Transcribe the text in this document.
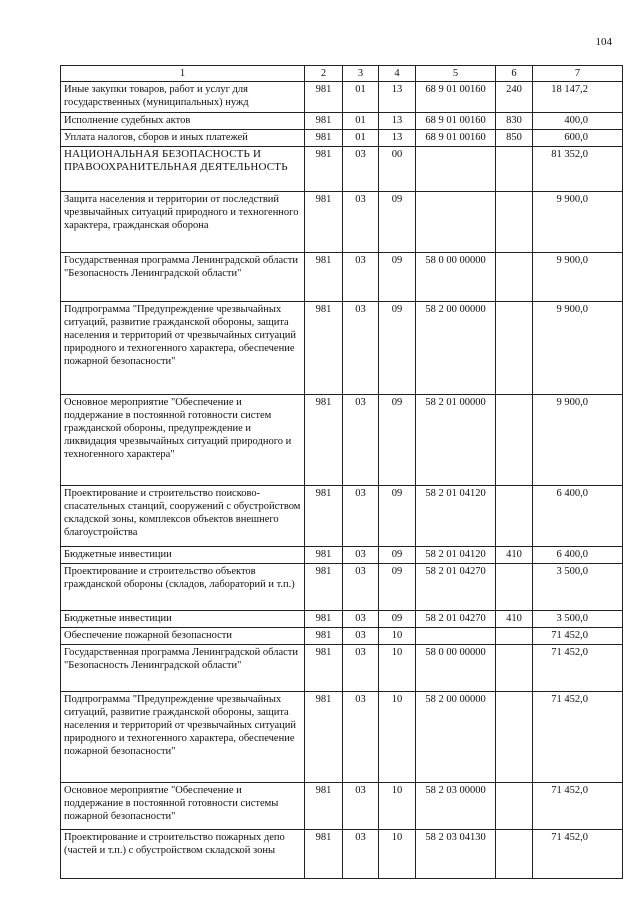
104
1	2	3	4	5	6	7
Иные закупки товаров, работ и услуг для государственных (муниципальных) нужд	981	01	13	68 9 01 00160	240	18 147,2
Исполнение судебных актов	981	01	13	68 9 01 00160	830	400,0
Уплата налогов, сборов и иных платежей	981	01	13	68 9 01 00160	850	600,0
НАЦИОНАЛЬНАЯ БЕЗОПАСНОСТЬ И ПРАВООХРАНИТЕЛЬНАЯ ДЕЯТЕЛЬНОСТЬ	981	03	00			81 352,0
Защита населения и территории от последствий чрезвычайных ситуаций природного и техногенного характера, гражданская оборона	981	03	09			9 900,0
Государственная программа Ленинградской области "Безопасность Ленинградской области"	981	03	09	58 0 00 00000		9 900,0
Подпрограмма "Предупреждение чрезвычайных ситуаций, развитие гражданской обороны, защита населения и территорий от чрезвычайных ситуаций природного и техногенного характера, обеспечение пожарной безопасности"	981	03	09	58 2 00 00000		9 900,0
Основное мероприятие "Обеспечение и поддержание в постоянной готовности систем гражданской обороны, предупреждение и ликвидация чрезвычайных ситуаций природного и техногенного характера"	981	03	09	58 2 01 00000		9 900,0
Проектирование и строительство поисково-спасательных станций, сооружений с обустройством складской зоны, комплексов объектов внешнего благоустройства	981	03	09	58 2 01 04120		6 400,0
Бюджетные инвестиции	981	03	09	58 2 01 04120	410	6 400,0
Проектирование и строительство объектов гражданской обороны (складов, лабораторий и т.п.)	981	03	09	58 2 01 04270		3 500,0
Бюджетные инвестиции	981	03	09	58 2 01 04270	410	3 500,0
Обеспечение пожарной безопасности	981	03	10			71 452,0
Государственная программа Ленинградской области "Безопасность Ленинградской области"	981	03	10	58 0 00 00000		71 452,0
Подпрограмма "Предупреждение чрезвычайных ситуаций, развитие гражданской обороны, защита населения и территорий от чрезвычайных ситуаций природного и техногенного характера, обеспечение пожарной безопасности"	981	03	10	58 2 00 00000		71 452,0
Основное мероприятие "Обеспечение и поддержание в постоянной готовности системы пожарной безопасности"	981	03	10	58 2 03 00000		71 452,0
Проектирование и строительство пожарных депо (частей и т.п.) с обустройством складской зоны	981	03	10	58 2 03 04130		71 452,0
